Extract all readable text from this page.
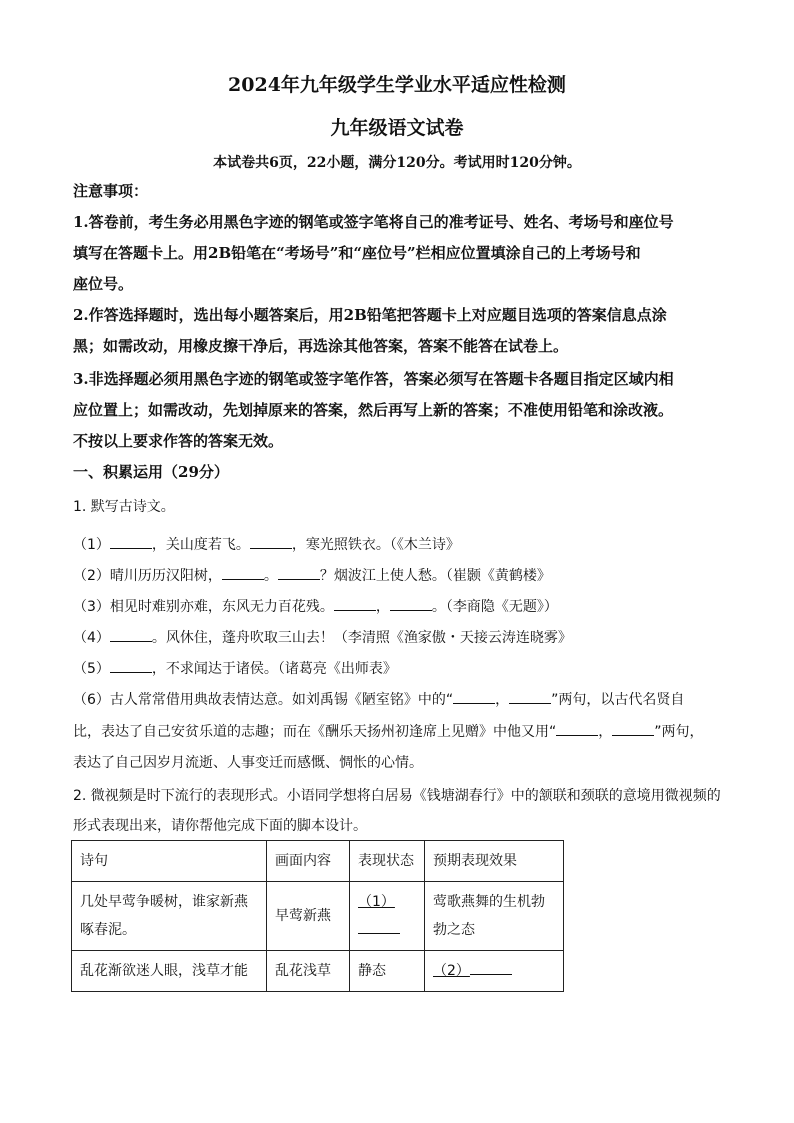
2024年九年级学生学业水平适应性检测
九年级语文试卷
本试卷共6页，22小题，满分120分。考试用时120分钟。
注意事项：
1.答卷前，考生务必用黑色字迹的钢笔或签字笔将自己的准考证号、姓名、考场号和座位号
填写在答题卡上。用2B铅笔在“考场号”和“座位号”栏相应位置填涂自己的上考场号和
座位号。
2.作答选择题时，选出每小题答案后，用2B铅笔把答题卡上对应题目选项的答案信息点涂
黑；如需改动，用橡皮擦干净后，再选涂其他答案，答案不能答在试卷上。
3.非选择题必须用黑色字迹的钢笔或签字笔作答，答案必须写在答题卡各题目指定区域内相
应位置上；如需改动，先划掉原来的答案，然后再写上新的答案；不准使用铅笔和涂改液。
不按以上要求作答的答案无效。
一、积累运用（29分）
1. 默写古诗文。
（1）	，关山度若飞。	，寒光照铁衣。（《木兰诗》
（2）晴川历历汉阳树，	。	？烟波江上使人愁。（崔颢《黄鹤楼》
（3）相见时难别亦难，东风无力百花残。	，	。（李商隐《无题》）
（4）	。风休住，蓬舟吹取三山去！（李清照《渔家傲・天接云涛连晓雾》
（5）	，不求闻达于诸侯。（诸葛亮《出师表》
（6）古人常常借用典故表情达意。如刘禹锡《陋室铭》中的“	，	”两句，以古代名贤自
比，表达了自己安贫乐道的志趣；而在《酬乐天扬州初逢席上见赠》中他又用“	，	”两句，
表达了自己因岁月流逝、人事变迁而感慨、惆怅的心情。
2. 微视频是时下流行的表现形式。小语同学想将白居易《钱塘湖春行》中的颔联和颈联的意境用微视频的
形式表现出来，请你帮他完成下面的脚本设计。
诗句	画面内容	表现状态	预期表现效果
几处早莺争暖树，谁家新燕啄春泥。	早莺新燕	（1）	莺歌燕舞的生机勃勃之态
乱花渐欲迷人眼，浅草才能	乱花浅草	静态	（2）
